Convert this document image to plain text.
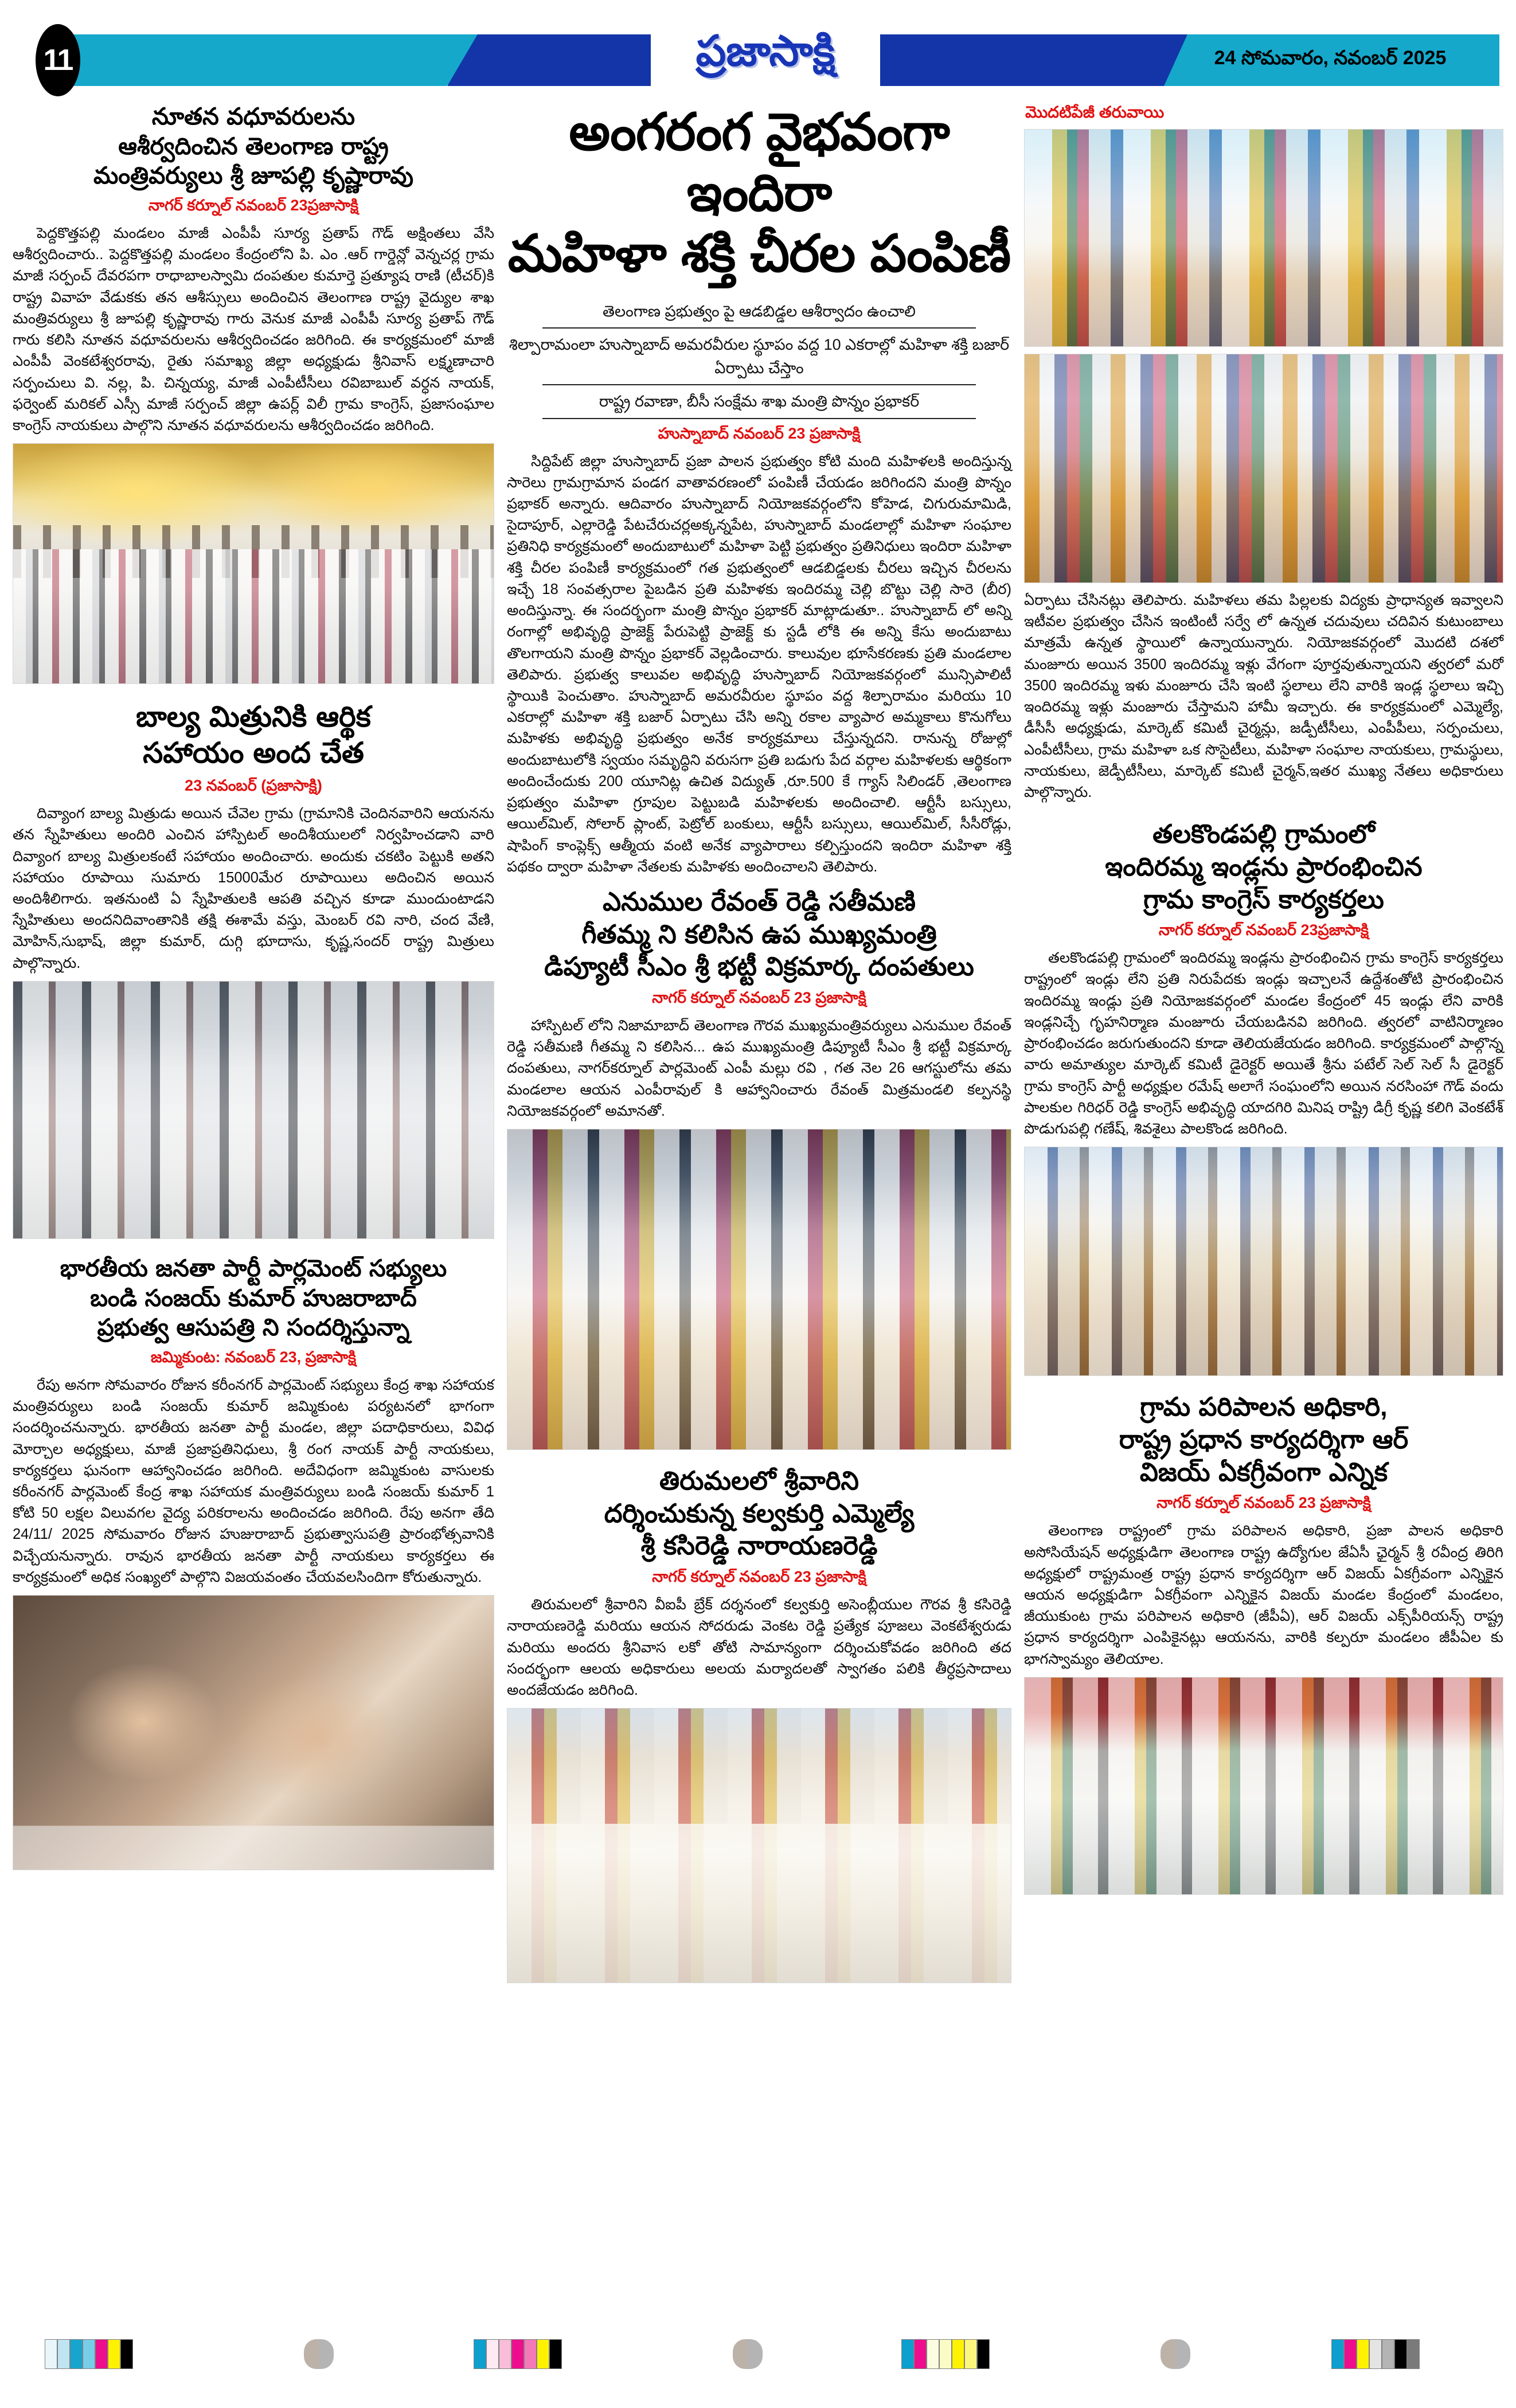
11	ప్రజాసాక్షి	24 సోమవారం, నవంబర్ 2025
నూతన వధూవరులను
ఆశీర్వదించిన తెలంగాణ రాష్ట్ర
మంత్రివర్యులు శ్రీ జూపల్లి కృష్ణారావు
నాగర్ కర్నూల్ నవంబర్ 23ప్రజాసాక్షి
పెద్దకొత్తపల్లి మండలం మాజీ ఎంపీపీ సూర్య ప్రతాప్ గౌడ్ అక్షింతలు వేసి ఆశీర్వదించారు.. పెద్దకొత్తపల్లి మండలం కేంద్రంలోని పి. ఎం .ఆర్ గార్డెన్లో వెన్నచర్ల గ్రామ మాజీ సర్పంచ్ దేవరపగా రాధాబాలస్వామి దంపతుల కుమార్తె ప్రత్యూష రాణి (టీచర్)కి రాష్ట్ర వివాహ వేడుకకు తన ఆశీస్సులు అందించిన తెలంగాణ రాష్ట్ర వైద్యుల శాఖ మంత్రివర్యులు శ్రీ జూపల్లి కృష్ణారావు గారు వెనుక మాజీ ఎంపీపీ సూర్య ప్రతాప్ గౌడ్ గారు కలిసి నూతన వధూవరులను ఆశీర్వదించడం జరిగింది. ఈ కార్యక్రమంలో మాజీ ఎంపీపీ వెంకటేశ్వరరావు, రైతు సమాఖ్య జిల్లా అధ్యక్షుడు శ్రీనివాస్ లక్ష్మణాచారి సర్పంచులు వి. నల్ల, పి. చిన్నయ్య, మాజీ ఎంపీటీసీలు రవిబాబుల్ వర్ధన నాయక్, ఫర్వెంట్ మరికల్ ఎస్సీ మాజీ సర్పంచ్ జిల్లా ఉపర్ల్ విలీ గ్రామ కాంగ్రెస్, ప్రజాసంఘాల కాంగ్రెస్ నాయకులు పాల్గొని నూతన వధూవరులను ఆశీర్వదించడం జరిగింది.
బాల్య మిత్రునికి ఆర్థిక
సహాయం అంద చేత
23 నవంబర్ (ప్రజాసాక్షి)
దివ్యాంగ బాల్య మిత్రుడు అయిన చేవెల గ్రామ (గ్రామానికి చెందినవారిని ఆయనను తన స్నేహితులు అందిరి ఎంచిన హాస్పిటల్ అందిశీయులలో నిర్వహించడాని వారి దివ్యాంగ బాల్య మిత్రులకంటే సహాయం అందించారు. అందుకు చకటిం పెట్టుకి అతని సహాయం రూపాయి సుమారు 15000మేర రూపాయిలు అదించిన అయిన అందిశీలిగారు. ఇతనుంటి ఏ స్నేహితులకి ఆపతి వచ్చిన కూడా ముందుంటాడని స్నేహితులు అందనిదివాంతానికి తక్షి ఈశామే వస్తు, మెంబర్ రవి నారి, చంద వేణి, మోహిన్,సుభాష్, జిల్లా కుమార్, దుగ్గి భూదాసు, కృష్ణ,సందర్ రాష్ట్ర మిత్రులు పాల్గొన్నారు.
భారతీయ జనతా పార్టీ పార్లమెంట్ సభ్యులు
బండి సంజయ్ కుమార్ హుజరాబాద్
ప్రభుత్వ ఆసుపత్రి ని సందర్శిస్తున్నా
జమ్మికుంట: నవంబర్ 23, ప్రజాసాక్షి
రేపు అనగా సోమవారం రోజున కరీంనగర్ పార్లమెంట్ సభ్యులు కేంద్ర శాఖ సహాయక మంత్రివర్యులు బండి సంజయ్ కుమార్ జమ్మికుంట పర్యటనలో భాగంగా సందర్శించనున్నారు. భారతీయ జనతా పార్టీ మండల, జిల్లా పదాధికారులు, వివిధ మోర్చాల అధ్యక్షులు, మాజీ ప్రజాప్రతినిధులు, శ్రీ రంగ నాయక్ పార్టీ నాయకులు, కార్యకర్తలు ఘనంగా ఆహ్వానించడం జరిగింది. అదేవిధంగా జమ్మికుంట వాసులకు కరీంనగర్ పార్లమెంట్ కేంద్ర శాఖ సహాయక మంత్రివర్యులు బండి సంజయ్ కుమార్ 1 కోటి 50 లక్షల విలువగల వైద్య పరికరాలను అందించడం జరిగింది. రేపు అనగా తేది 24/11/ 2025 సోమవారం రోజున హుజురాబాద్ ప్రభుత్వాసుపత్రి ప్రారంభోత్సవానికి విచ్చేయనున్నారు. రావున భారతీయ జనతా పార్టీ నాయకులు కార్యకర్తలు ఈ కార్యక్రమంలో అధిక సంఖ్యలో పాల్గొని విజయవంతం చేయవలసిందిగా కోరుతున్నారు.
అంగరంగ వైభవంగా ఇందిరా
మహిళా శక్తి చీరల పంపిణీ
తెలంగాణ ప్రభుత్వం పై ఆడబిడ్డల ఆశీర్వాదం ఉంచాలి
శిల్పారామంలా హుస్నాబాద్ అమరవీరుల స్థూపం వద్ద 10 ఎకరాల్లో మహిళా శక్తి బజార్ ఏర్పాటు చేస్తాం
రాష్ట్ర రవాణా, బీసీ సంక్షేమ శాఖ మంత్రి పొన్నం ప్రభాకర్
హుస్నాబాద్ నవంబర్ 23 ప్రజాసాక్షి
సిద్దిపేట్ జిల్లా హుస్నాబాద్ ప్రజా పాలన ప్రభుత్వం కోటి మంది మహిళలకి అందిస్తున్న సారెలు గ్రామగ్రామాన పండగ వాతావరణంలో పంపిణీ చేయడం జరిగిందని మంత్రి పొన్నం ప్రభాకర్ అన్నారు. ఆదివారం హుస్నాబాద్ నియోజకవర్గంలోని కోహెడ, చిగురుమామిడి, సైదాపూర్, ఎల్లారెడ్డి పేటచేరుచర్లఅక్కన్నపేట, హుస్నాబాద్ మండలాల్లో మహిళా సంఘాల ప్రతినిధి కార్యక్రమంలో అందుబాటులో మహిళా పెట్టి ప్రభుత్వం ప్రతినిధులు ఇందిరా మహిళా శక్తి చీరల పంపిణీ కార్యక్రమంలో గత ప్రభుత్వంలో ఆడబిడ్డలకు చీరలు ఇచ్చిన చీరలను ఇచ్చే 18 సంవత్సరాల పైబడిన ప్రతి మహిళకు ఇందిరమ్మ చెల్లి బొట్టు చెల్లి సారె (బీర) అందిస్తున్నా. ఈ సందర్భంగా మంత్రి పొన్నం ప్రభాకర్ మాట్లాడుతూ.. హుస్నాబాద్ లో అన్ని రంగాల్లో అభివృద్ధి ప్రాజెక్ట్ పేరుపెట్టి ప్రాజెక్ట్ కు స్టడీ లోకి ఈ అన్ని కేసు అందుబాటు తొలగాయని మంత్రి పొన్నం ప్రభాకర్ వెల్లడించారు. కాలువుల భూసేకరణకు ప్రతి మండలాల తెలిపారు. ప్రభుత్వ కాలువల అభివృద్ధి హుస్నాబాద్ నియోజకవర్గంలో మున్సిపాలిటీ స్థాయికి పెంచుతాం. హుస్నాబాద్ అమరవీరుల స్థూపం వద్ద శిల్పారామం మరియు 10 ఎకరాల్లో మహిళా శక్తి బజార్ ఏర్పాటు చేసి అన్ని రకాల వ్యాపార అమ్మకాలు కొనుగోలు మహిళకు అభివృద్ధి ప్రభుత్వం అనేక కార్యక్రమాలు చేస్తున్నదని. రానున్న రోజుల్లో అందుబాటులోకి స్వయం సమృద్ధిని వరుసగా ప్రతి బడుగు పేద వర్గాల మహిళలకు ఆర్థికంగా అందించేందుకు 200 యూనిట్ల ఉచిత విద్యుత్ ,రూ.500 కే గ్యాస్ సిలిండర్ ,తెలంగాణ ప్రభుత్వం మహిళా గ్రూపుల పెట్టుబడి మహిళలకు అందించాలి. ఆర్టీసీ బస్సులు, ఆయిల్‌మిల్, సోలార్ ప్లాంట్, పెట్రోల్ బంకులు, ఆర్టీసీ బస్సులు, ఆయిల్‌మిల్, సీసీరోడ్లు, షాపింగ్ కాంప్లెక్స్ ఆత్మీయ వంటి అనేక వ్యాపారాలు కల్పిస్తుందని ఇందిరా మహిళా శక్తి పథకం ద్వారా మహిళా నేతలకు మహిళకు అందించాలని తెలిపారు.
ఎనుముల రేవంత్ రెడ్డి సతీమణి
గీతమ్మ ని కలిసిన ఉప ముఖ్యమంత్రి
డిప్యూటీ సీఎం శ్రీ భట్టీ విక్రమార్క దంపతులు
నాగర్ కర్నూల్ నవంబర్ 23 ప్రజాసాక్షి
హాస్పిటల్ లోని నిజామాబాద్ తెలంగాణ గౌరవ ముఖ్యమంత్రివర్యులు ఎనుముల రేవంత్ రెడ్డి సతీమణి గీతమ్మ ని కలిసిన... ఉప ముఖ్యమంత్రి డిప్యూటీ సీఎం శ్రీ భట్టీ విక్రమార్క దంపతులు, నాగర్‌కర్నూల్ పార్లమెంట్ ఎంపీ మల్లు రవి , గత నెల 26 ఆగస్టులోను తమ మండలాల ఆయన ఎంపీరావుల్ కి ఆహ్వానించారు రేవంత్ మిత్రమండలి కల్పనస్థి నియోజకవర్గంలో అమానతో.
తిరుమలలో శ్రీవారిని
దర్శించుకున్న కల్వకుర్తి ఎమ్మెల్యే
శ్రీ కసిరెడ్డి నారాయణరెడ్డి
నాగర్ కర్నూల్ నవంబర్ 23 ప్రజాసాక్షి
తిరుమలలో శ్రీవారిని వీఐపీ బ్రేక్ దర్శనంలో కల్వకుర్తి అసెంబ్లీయుల గౌరవ శ్రీ కసిరెడ్డి నారాయణరెడ్డి మరియు ఆయన సోదరుడు వెంకట రెడ్డి ప్రత్యేక పూజలు వెంకటేశ్వరుడు మరియు అందరు శ్రీనివాస లకో తోటి సామాన్యంగా దర్శించుకోవడం జరిగింది తద సందర్భంగా ఆలయ అధికారులు అలయ మర్యాదలతో స్వాగతం పలికి తీర్ధప్రసాదాలు అందజేయడం జరిగింది.
మొదటిపేజీ తరువాయి
ఏర్పాటు చేసినట్లు తెలిపారు. మహిళలు తమ పిల్లలకు విద్యకు ప్రాధాన్యత ఇవ్వాలని ఇటీవల ప్రభుత్వం చేసిన ఇంటింటీ సర్వే లో ఉన్నత చదువులు చదివిన కుటుంబాలు మాత్రమే ఉన్నత స్థాయిలో ఉన్నాయున్నారు. నియోజకవర్గంలో మొదటి దశలో మంజూరు అయిన 3500 ఇందిరమ్మ ఇళ్లు వేగంగా పూర్తవుతున్నాయని త్వరలో మరో 3500 ఇందిరమ్మ ఇళు మంజూరు చేసి ఇంటి స్థలాలు లేని వారికి ఇండ్ల స్థలాలు ఇచ్చి ఇందిరమ్మ ఇళ్లు మంజూరు చేస్తామని హామీ ఇచ్చారు. ఈ కార్యక్రమంలో ఎమ్మెల్యే, డీసీసీ అధ్యక్షుడు, మార్కెట్ కమిటీ చైర్మన్లు, జడ్పీటీసీలు, ఎంపీపీలు, సర్పంచులు, ఎంపీటీసీలు, గ్రామ మహిళా ఒక సొసైటీలు, మహిళా సంఘాల నాయకులు, గ్రామస్థులు, నాయకులు, జెడ్పీటీసీలు, మార్కెట్ కమిటీ చైర్మన్,ఇతర ముఖ్య నేతలు అధికారులు పాల్గొన్నారు.
తలకొండపల్లి గ్రామంలో
ఇందిరమ్మ ఇండ్లను ప్రారంభించిన
గ్రామ కాంగ్రెస్ కార్యకర్తలు
నాగర్ కర్నూల్ నవంబర్ 23ప్రజాసాక్షి
తలకొండపల్లి గ్రామంలో ఇందిరమ్మ ఇండ్లను ప్రారంభించిన గ్రామ కాంగ్రెస్ కార్యకర్తలు రాష్ట్రంలో ఇండ్లు లేని ప్రతి నిరుపేదకు ఇండ్లు ఇచ్చాలనే ఉద్దేశంతోటి ప్రారంభించిన ఇందిరమ్మ ఇండ్లు ప్రతి నియోజకవర్గంలో మండల కేంద్రంలో 45 ఇండ్లు లేని వారికి ఇండ్లనిచ్చే గృహనిర్మాణ మంజూరు చేయబడినవి జరిగింది. త్వరలో వాటినిర్మాణం ప్రారంభించడం జరుగుతుందని కూడా తెలియజేయడం జరిగింది. కార్యక్రమంలో పాల్గొన్న వారు అమాత్యుల మార్కెట్ కమిటీ డైరెక్టర్ అయితే శ్రీను పటేల్ సెల్ సెల్ సీ డైరెక్టర్ గ్రామ కాంగ్రెస్ పార్టీ అధ్యక్షుల రమేష్ అలాగే సంఘంలోని అయిన నరసింహా గౌడ్ వందు పాలకుల గిరిధర్ రెడ్డి కాంగ్రెస్ అభివృద్ధి యాదగిరి మినిష రాష్ట్రి డిగ్రీ కృష్ణ కలిగి వెంకటేశ్ పొడుగుపల్లి గణేష్, శివశైలు పాలకొండ జరిగింది.
గ్రామ పరిపాలన అధికారి,
రాష్ట్ర ప్రధాన కార్యదర్శిగా ఆర్
విజయ్ ఏకగ్రీవంగా ఎన్నిక
నాగర్ కర్నూల్ నవంబర్ 23 ప్రజాసాక్షి
తెలంగాణ రాష్ట్రంలో గ్రామ పరిపాలన అధికారి, ప్రజా పాలన అధికారి అసోసియేషన్ అధ్యక్షుడిగా తెలంగాణ రాష్ట్ర ఉద్యోగుల జేఏసీ ఛైర్మన్ శ్రీ రవీంద్ర తిరిగి అధ్యక్షులో రాష్ట్రమంత్ర రాష్ట్ర ప్రధాన కార్యదర్శిగా ఆర్ విజయ్ ఏకగ్రీవంగా ఎన్నికైన ఆయన అధ్యక్షుడిగా ఏకగ్రీవంగా ఎన్నికైన విజయ్ మండల కేంద్రంలో మండలం, జీయుకుంట గ్రామ పరిపాలన అధికారి (జీపీఏ), ఆర్ విజయ్ ఎక్స్‌పీరియన్స్ రాష్ట్ర ప్రధాన కార్యదర్శిగా ఎంపికైనట్లు ఆయనను, వారికి కల్పరూ మండలం జీపీఏల కు భాగస్వామ్యం తెలియాల.
